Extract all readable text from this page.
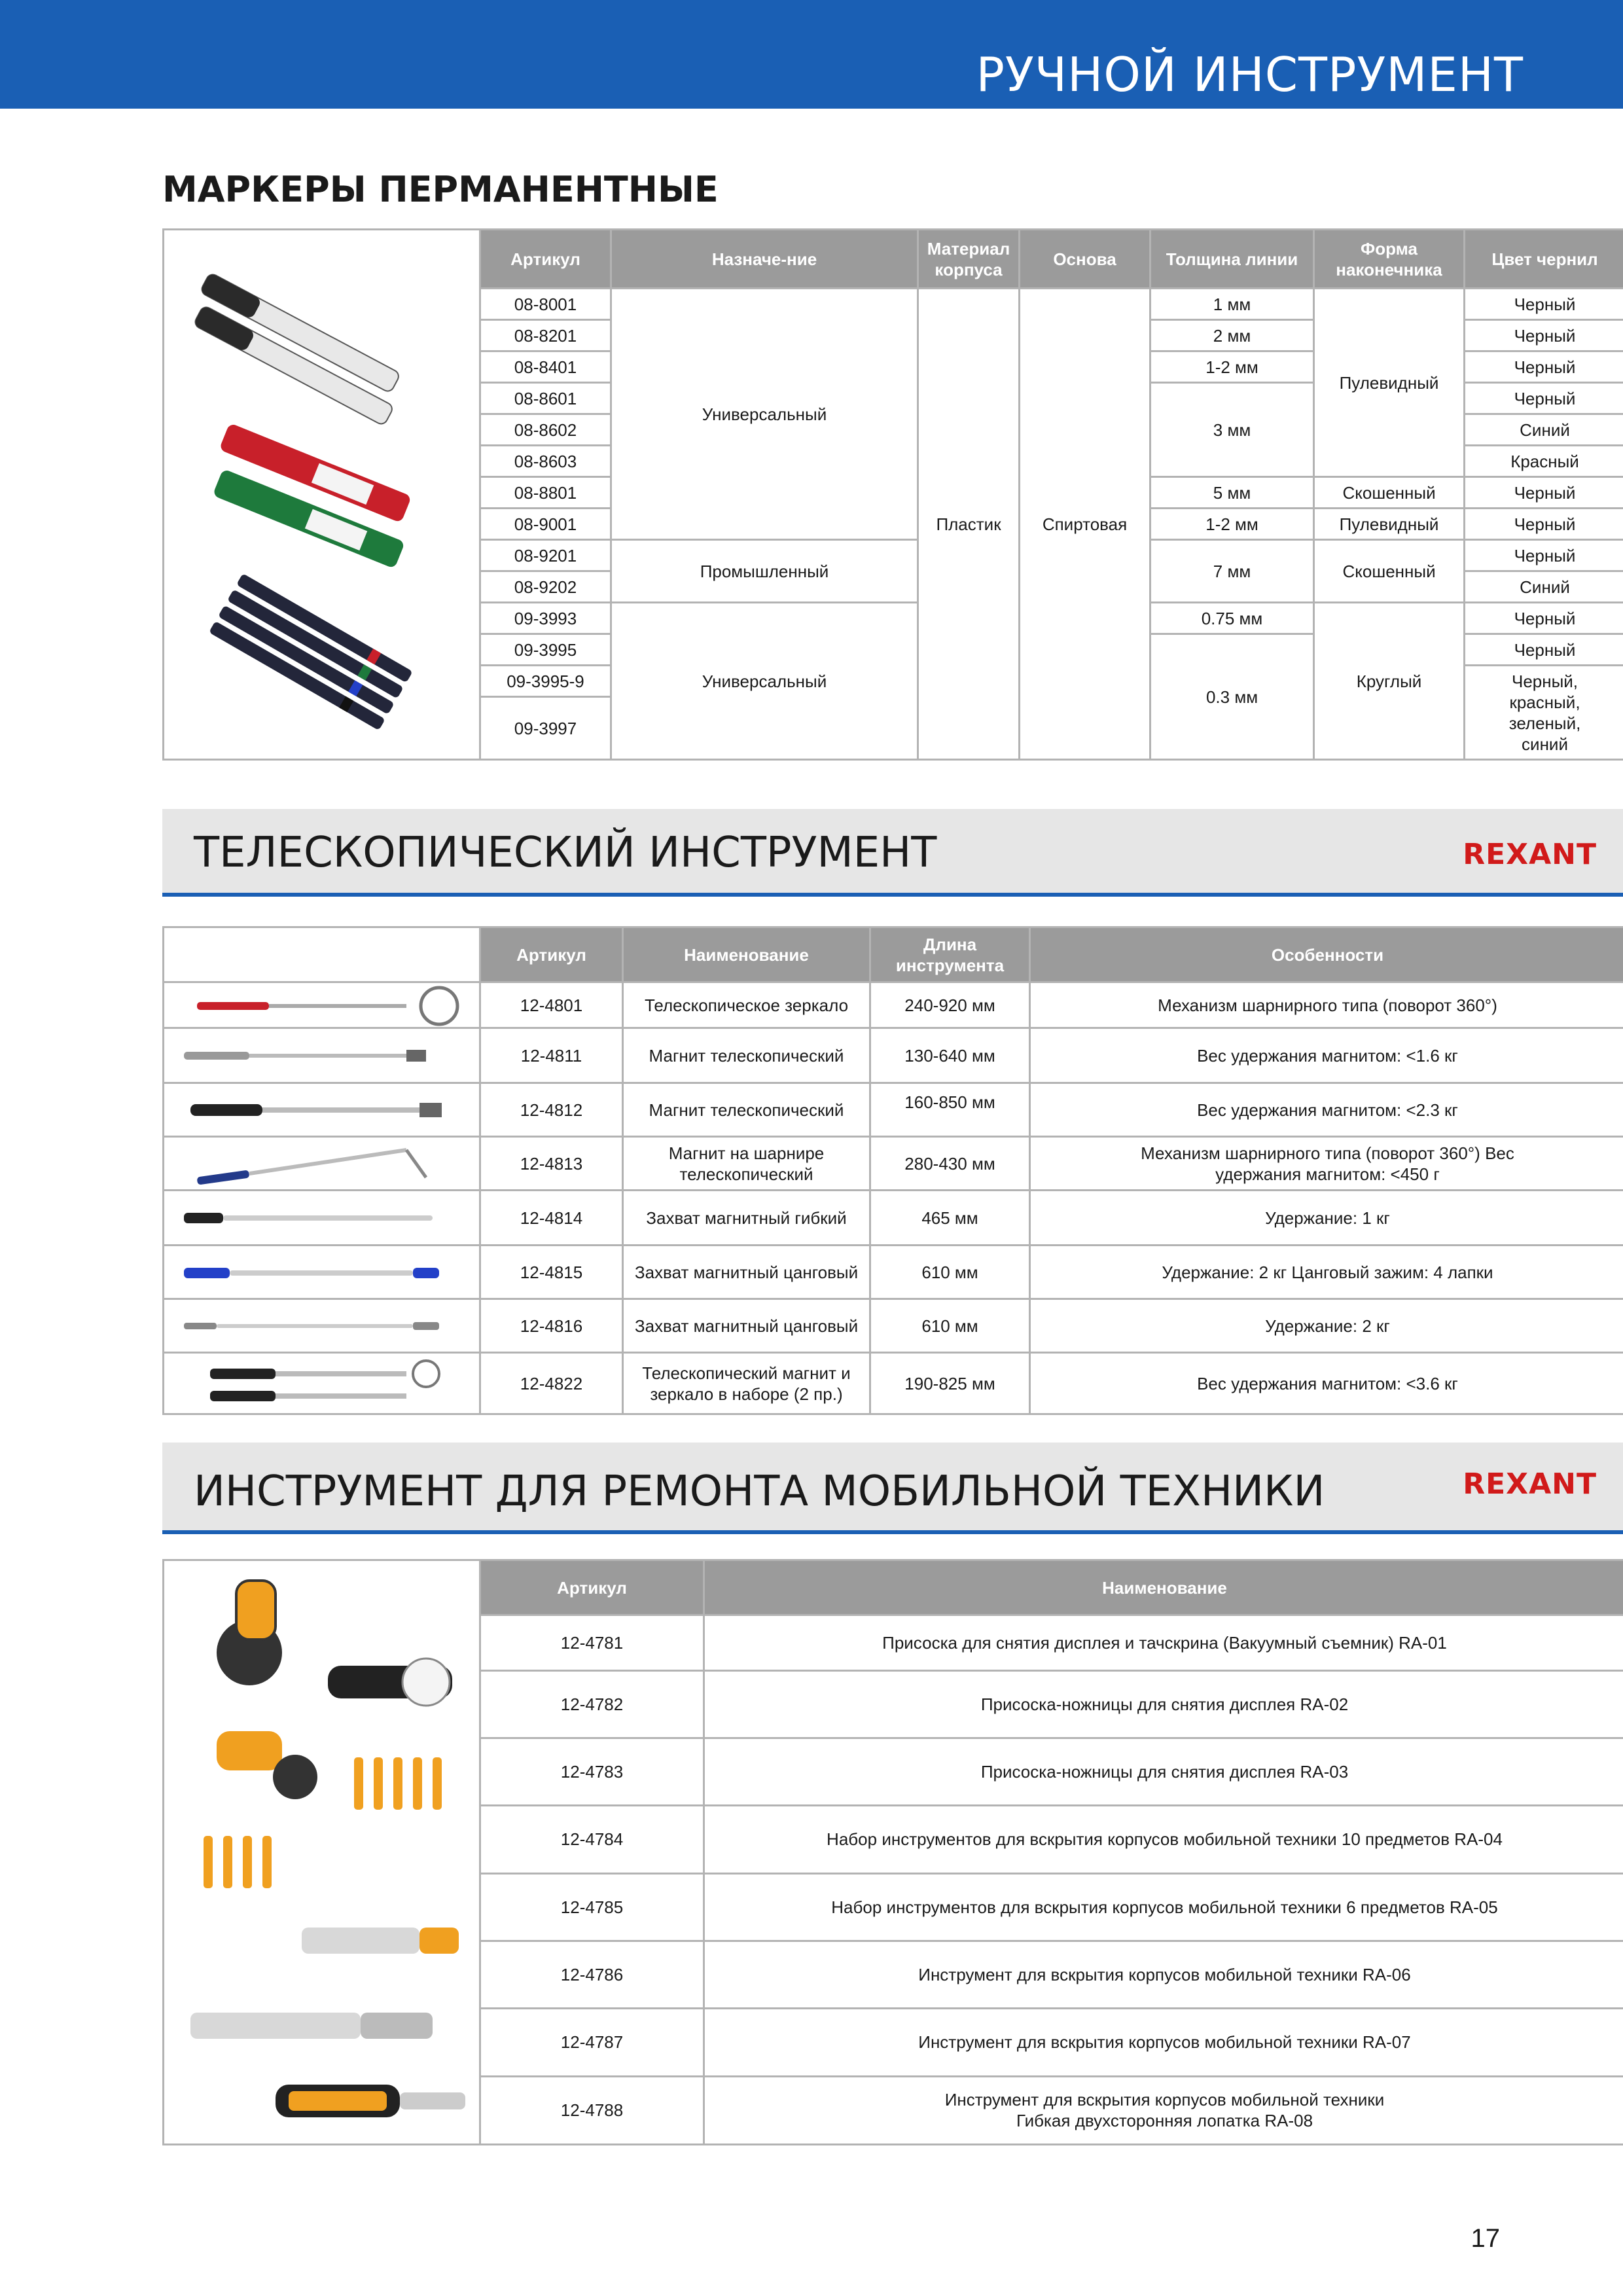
РУЧНОЙ ИНСТРУМЕНТ
МАРКЕРЫ ПЕРМАНЕНТНЫЕ
	Артикул	Назначе-ние	Материал корпуса	Основа	Толщина линии	Форма наконечника	Цвет чернил
	08-8001	Универсальный	Пластик	Спиртовая	1 мм	Пулевидный	Черный
	08-8201				2 мм		Черный
	08-8401				1-2 мм		Черный
	08-8601				3 мм		Черный
	08-8602						Синий
	08-8603						Красный
	08-8801				5 мм	Скошенный	Черный
	08-9001				1-2 мм	Пулевидный	Черный
	08-9201	Промышленный			7 мм	Скошенный	Черный
	08-9202						Синий
	09-3993	Универсальный			0.75 мм	Круглый	Черный
	09-3995				0.3 мм		Черный
	09-3995-9						Черный, красный, зеленый, синий
	09-3997						

ТЕЛЕСКОПИЧЕСКИЙ ИНСТРУМЕНТ	REXANT
	Артикул	Наименование	Длина инструмента	Особенности

	12-4801	Телескопическое зеркало	240-920 мм	Механизм шарнирного типа (поворот 360°)

	12-4811	Магнит телескопический	130-640 мм	Вес удержания магнитом: <1.6 кг

	12-4812	Магнит телескопический	160-850 мм	Вес удержания магнитом: <2.3 кг

	12-4813	Магнит на шарнире телескопический	280-430 мм	Механизм шарнирного типа (поворот 360°) Вес удержания магнитом: <450 г

	12-4814	Захват магнитный гибкий	465 мм	Удержание: 1 кг

	12-4815	Захват магнитный цанговый	610 мм	Удержание: 2 кг Цанговый зажим: 4 лапки

	12-4816	Захват магнитный цанговый	610 мм	Удержание: 2 кг

	12-4822	Телескопический магнит и зеркало в наборе (2 пр.)	190-825 мм	Вес удержания магнитом: <3.6 кг
ИНСТРУМЕНТ ДЛЯ РЕМОНТА МОБИЛЬНОЙ ТЕХНИКИ	REXANT
	Артикул	Наименование
	12-4781	Присоска для снятия дисплея и тачскрина (Вакуумный съемник) RA-01
	12-4782	Присоска-ножницы для снятия дисплея RA-02
	12-4783	Присоска-ножницы для снятия дисплея RA-03
	12-4784	Набор инструментов для вскрытия корпусов мобильной техники 10 предметов RA-04
	12-4785	Набор инструментов для вскрытия корпусов мобильной техники 6 предметов RA-05
	12-4786	Инструмент для вскрытия корпусов мобильной техники RA-06
	12-4787	Инструмент для вскрытия корпусов мобильной техники RA-07
	12-4788	Инструмент для вскрытия корпусов мобильной техники Гибкая двухсторонняя лопатка RA-08
17
